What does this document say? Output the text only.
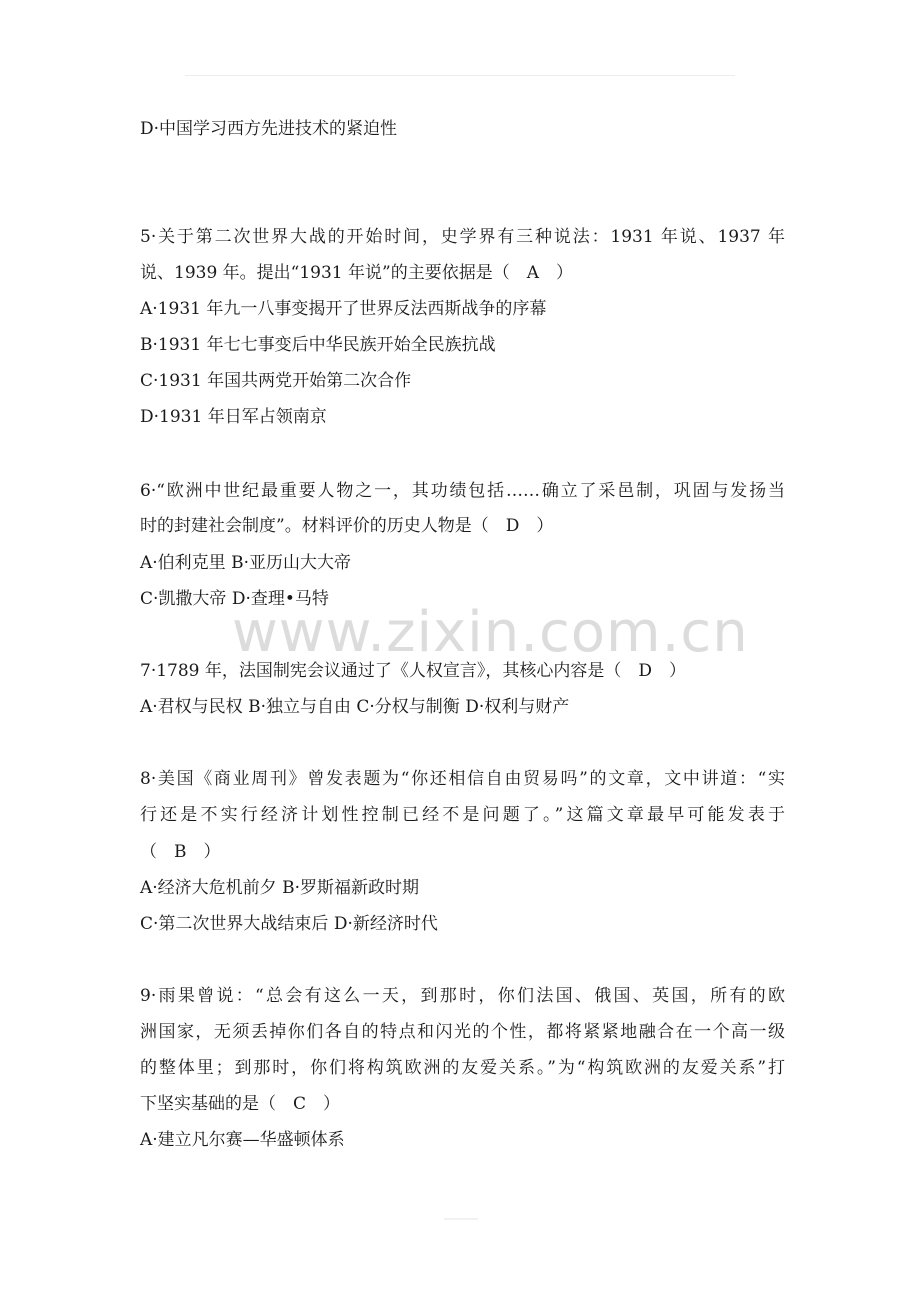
D·中国学习西方先进技术的紧迫性
5·关于第二次世界大战的开始时间，史学界有三种说法：1931 年说、1937 年
说、1939 年。提出“1931 年说”的主要依据是（　A　）
A·1931 年九一八事变揭开了世界反法西斯战争的序幕
B·1931 年七七事变后中华民族开始全民族抗战
C·1931 年国共两党开始第二次合作
D·1931 年日军占领南京
6·“欧洲中世纪最重要人物之一，其功绩包括……确立了采邑制，巩固与发扬当
时的封建社会制度”。材料评价的历史人物是（　D　）
A·伯利克里 B·亚历山大大帝
C·凯撒大帝 D·查理•马特
7·1789 年，法国制宪会议通过了《人权宣言》，其核心内容是（　D　）
A·君权与民权 B·独立与自由 C·分权与制衡 D·权利与财产
8·美国《商业周刊》曾发表题为“你还相信自由贸易吗”的文章，文中讲道：“实
行还是不实行经济计划性控制已经不是问题了。”这篇文章最早可能发表于
（　B　）
A·经济大危机前夕 B·罗斯福新政时期
C·第二次世界大战结束后 D·新经济时代
9·雨果曾说：“总会有这么一天，到那时，你们法国、俄国、英国，所有的欧
洲国家，无须丢掉你们各自的特点和闪光的个性，都将紧紧地融合在一个高一级
的整体里；到那时，你们将构筑欧洲的友爱关系。”为“构筑欧洲的友爱关系”打
下坚实基础的是（　C　）
A·建立凡尔赛—华盛顿体系
www.zixin.com.cn
